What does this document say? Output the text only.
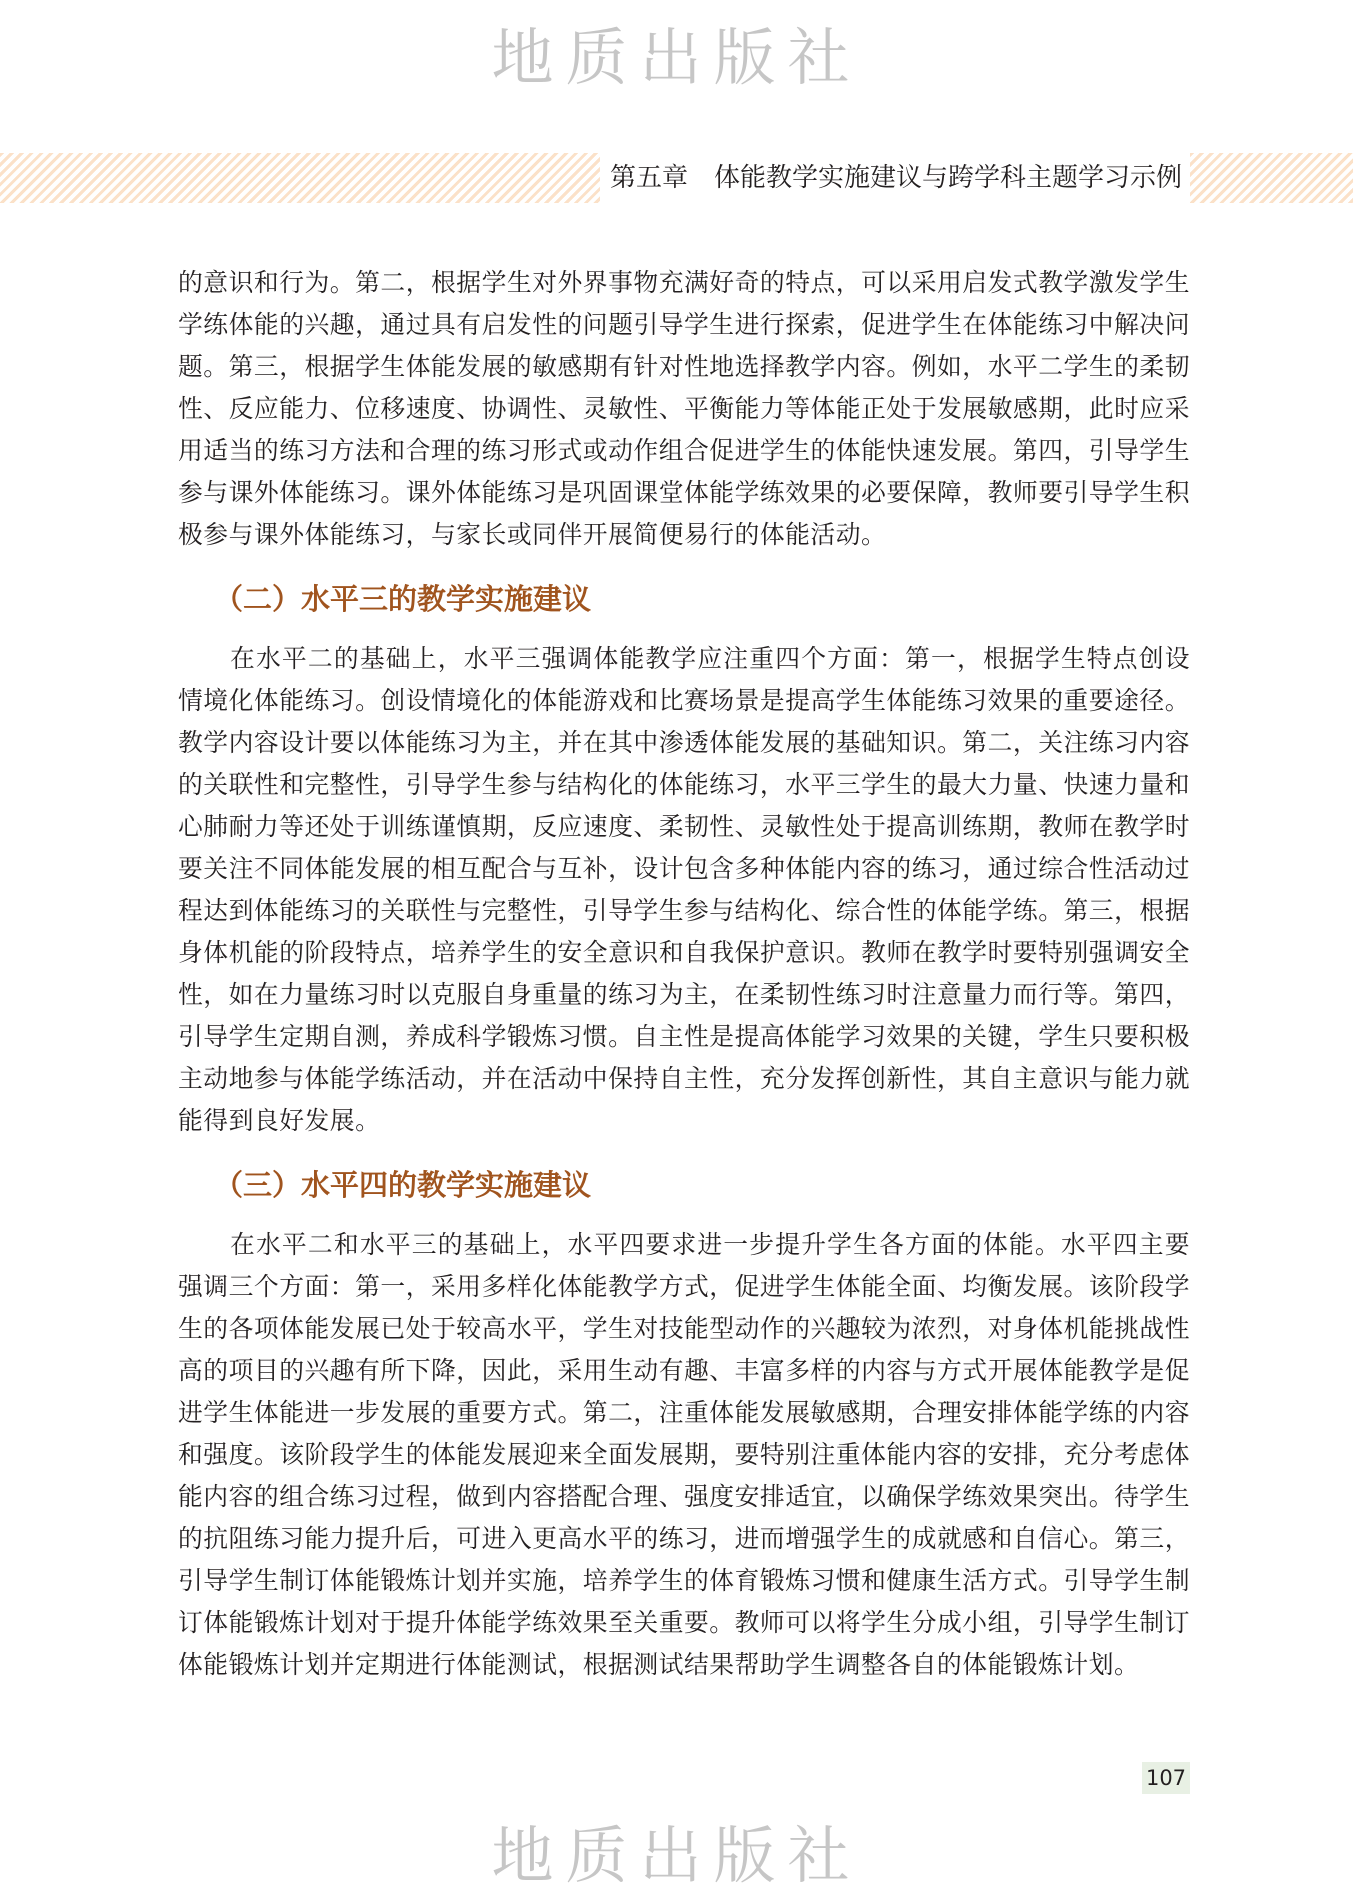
地质出版社
第五章　体能教学实施建议与跨学科主题学习示例

的意识和行为。第二，根据学生对外界事物充满好奇的特点，可以采用启发式教学激发学生学练体能的兴趣，通过具有启发性的问题引导学生进行探索，促进学生在体能练习中解决问题。第三，根据学生体能发展的敏感期有针对性地选择教学内容。例如，水平二学生的柔韧性、反应能力、位移速度、协调性、灵敏性、平衡能力等体能正处于发展敏感期，此时应采用适当的练习方法和合理的练习形式或动作组合促进学生的体能快速发展。第四，引导学生参与课外体能练习。课外体能练习是巩固课堂体能学练效果的必要保障，教师要引导学生积极参与课外体能练习，与家长或同伴开展简便易行的体能活动。

（二）水平三的教学实施建议

在水平二的基础上，水平三强调体能教学应注重四个方面：第一，根据学生特点创设情境化体能练习。创设情境化的体能游戏和比赛场景是提高学生体能练习效果的重要途径。教学内容设计要以体能练习为主，并在其中渗透体能发展的基础知识。第二，关注练习内容的关联性和完整性，引导学生参与结构化的体能练习，水平三学生的最大力量、快速力量和心肺耐力等还处于训练谨慎期，反应速度、柔韧性、灵敏性处于提高训练期，教师在教学时要关注不同体能发展的相互配合与互补，设计包含多种体能内容的练习，通过综合性活动过程达到体能练习的关联性与完整性，引导学生参与结构化、综合性的体能学练。第三，根据身体机能的阶段特点，培养学生的安全意识和自我保护意识。教师在教学时要特别强调安全性，如在力量练习时以克服自身重量的练习为主，在柔韧性练习时注意量力而行等。第四，引导学生定期自测，养成科学锻炼习惯。自主性是提高体能学习效果的关键，学生只要积极主动地参与体能学练活动，并在活动中保持自主性，充分发挥创新性，其自主意识与能力就能得到良好发展。

（三）水平四的教学实施建议

在水平二和水平三的基础上，水平四要求进一步提升学生各方面的体能。水平四主要强调三个方面：第一，采用多样化体能教学方式，促进学生体能全面、均衡发展。该阶段学生的各项体能发展已处于较高水平，学生对技能型动作的兴趣较为浓烈，对身体机能挑战性高的项目的兴趣有所下降，因此，采用生动有趣、丰富多样的内容与方式开展体能教学是促进学生体能进一步发展的重要方式。第二，注重体能发展敏感期，合理安排体能学练的内容和强度。该阶段学生的体能发展迎来全面发展期，要特别注重体能内容的安排，充分考虑体能内容的组合练习过程，做到内容搭配合理、强度安排适宜，以确保学练效果突出。待学生的抗阻练习能力提升后，可进入更高水平的练习，进而增强学生的成就感和自信心。第三，引导学生制订体能锻炼计划并实施，培养学生的体育锻炼习惯和健康生活方式。引导学生制订体能锻炼计划对于提升体能学练效果至关重要。教师可以将学生分成小组，引导学生制订体能锻炼计划并定期进行体能测试，根据测试结果帮助学生调整各自的体能锻炼计划。

107
地质出版社
